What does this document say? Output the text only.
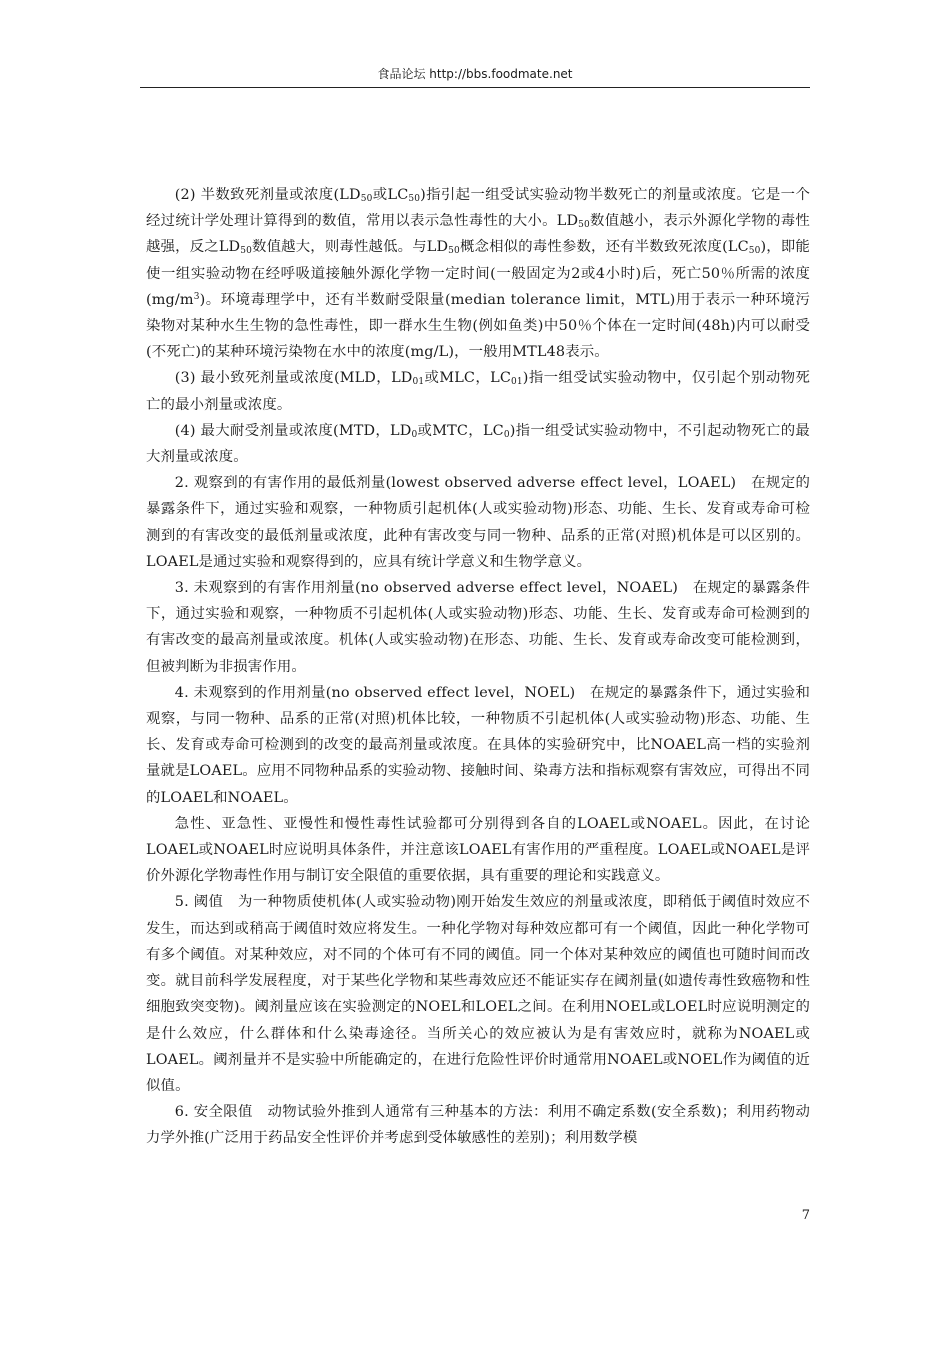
食品论坛 http://bbs.foodmate.net

(2) 半数致死剂量或浓度($LD_{50}$或$LC_{50}$)指引起一组受试实验动物半数死亡的剂量或浓度。它是一个经过统计学处理计算得到的数值，常用以表示急性毒性的大小。$LD_{50}$数值越小，表示外源化学物的毒性越强，反之$LD_{50}$数值越大，则毒性越低。与$LD_{50}$概念相似的毒性参数，还有半数致死浓度$(LC_{50})$，即能使一组实验动物在经呼吸道接触外源化学物一定时间(一般固定为2或4小时)后，死亡50％所需的浓度$(mg/m^3)$。环境毒理学中，还有半数耐受限量(median tolerance limit，MTL)用于表示一种环境污染物对某种水生生物的急性毒性，即一群水生生物(例如鱼类)中50％个体在一定时间(48h)内可以耐受(不死亡)的某种环境污染物在水中的浓度(mg/L)，一般用MTL48表示。

(3) 最小致死剂量或浓度(MLD，$LD_{01}$或MLC，$LC_{01}$)指一组受试实验动物中，仅引起个别动物死亡的最小剂量或浓度。

(4) 最大耐受剂量或浓度(MTD，$LD_0$或MTC，$LC_0$)指一组受试实验动物中，不引起动物死亡的最大剂量或浓度。

2. 观察到的有害作用的最低剂量(lowest observed adverse effect level，LOAEL)　在规定的暴露条件下，通过实验和观察，一种物质引起机体(人或实验动物)形态、功能、生长、发育或寿命可检测到的有害改变的最低剂量或浓度，此种有害改变与同一物种、品系的正常(对照)机体是可以区别的。LOAEL是通过实验和观察得到的，应具有统计学意义和生物学意义。

3. 未观察到的有害作用剂量(no observed adverse effect level，NOAEL)　在规定的暴露条件下，通过实验和观察，一种物质不引起机体(人或实验动物)形态、功能、生长、发育或寿命可检测到的有害改变的最高剂量或浓度。机体(人或实验动物)在形态、功能、生长、发育或寿命改变可能检测到，但被判断为非损害作用。

4. 未观察到的作用剂量(no observed effect level，NOEL)　在规定的暴露条件下，通过实验和观察，与同一物种、品系的正常(对照)机体比较，一种物质不引起机体(人或实验动物)形态、功能、生长、发育或寿命可检测到的改变的最高剂量或浓度。在具体的实验研究中，比NOAEL高一档的实验剂量就是LOAEL。应用不同物种品系的实验动物、接触时间、染毒方法和指标观察有害效应，可得出不同的LOAEL和NOAEL。

急性、亚急性、亚慢性和慢性毒性试验都可分别得到各自的LOAEL或NOAEL。因此，在讨论LOAEL或NOAEL时应说明具体条件，并注意该LOAEL有害作用的严重程度。LOAEL或NOAEL是评价外源化学物毒性作用与制订安全限值的重要依据，具有重要的理论和实践意义。

5. 阈值　为一种物质使机体(人或实验动物)刚开始发生效应的剂量或浓度，即稍低于阈值时效应不发生，而达到或稍高于阈值时效应将发生。一种化学物对每种效应都可有一个阈值，因此一种化学物可有多个阈值。对某种效应，对不同的个体可有不同的阈值。同一个体对某种效应的阈值也可随时间而改变。就目前科学发展程度，对于某些化学物和某些毒效应还不能证实存在阈剂量(如遗传毒性致癌物和性细胞致突变物)。阈剂量应该在实验测定的NOEL和LOEL之间。在利用NOEL或LOEL时应说明测定的是什么效应，什么群体和什么染毒途径。当所关心的效应被认为是有害效应时，就称为NOAEL或LOAEL。阈剂量并不是实验中所能确定的，在进行危险性评价时通常用NOAEL或NOEL作为阈值的近似值。

6. 安全限值　动物试验外推到人通常有三种基本的方法：利用不确定系数(安全系数)；利用药物动力学外推(广泛用于药品安全性评价并考虑到受体敏感性的差别)；利用数学模

7
